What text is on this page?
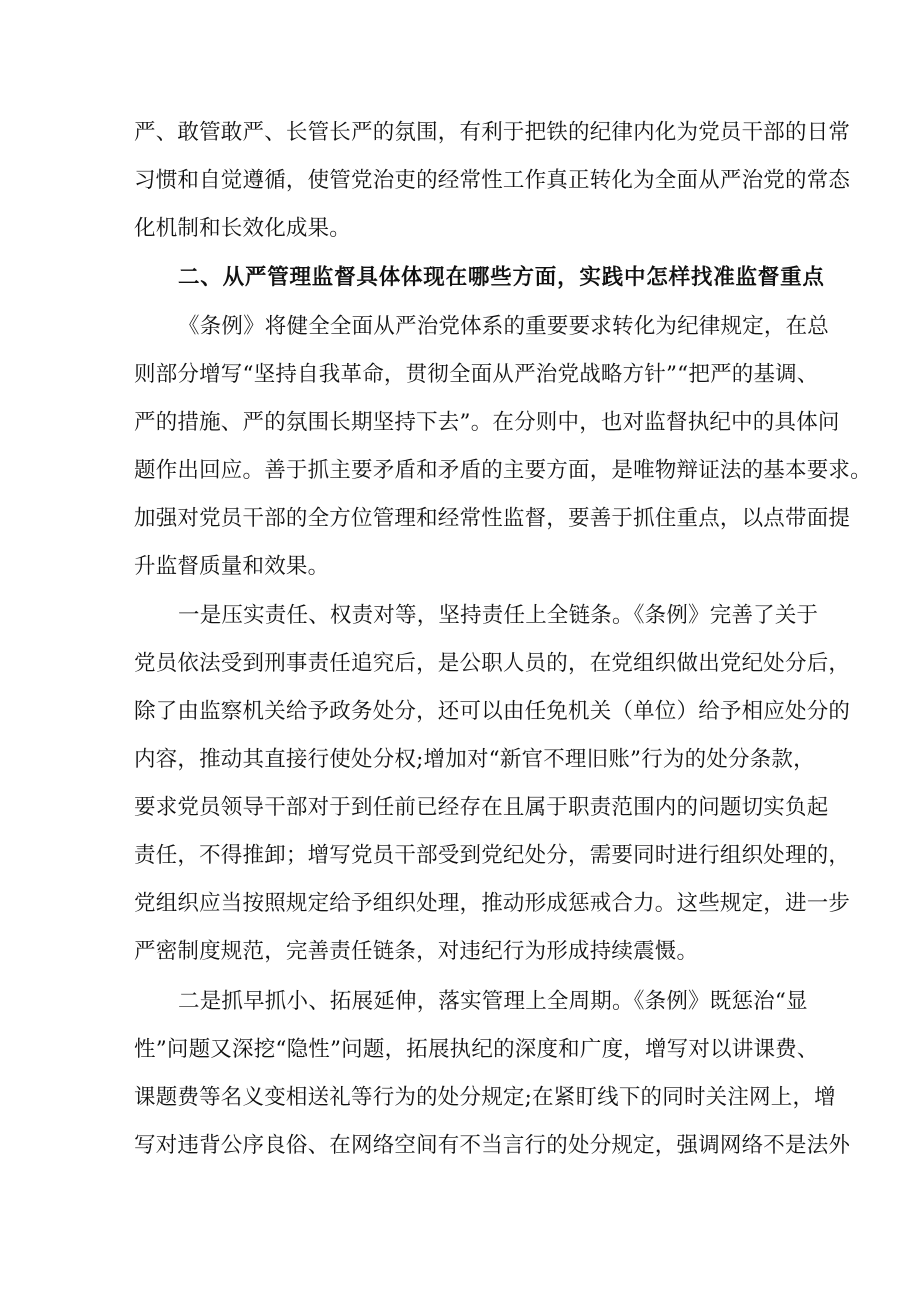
严、敢管敢严、长管长严的氛围，有利于把铁的纪律内化为党员干部的日常
习惯和自觉遵循，使管党治吏的经常性工作真正转化为全面从严治党的常态
化机制和长效化成果。
二、从严管理监督具体体现在哪些方面，实践中怎样找准监督重点
《条例》将健全全面从严治党体系的重要要求转化为纪律规定，在总
则部分增写“坚持自我革命，贯彻全面从严治党战略方针”“把严的基调、
严的措施、严的氛围长期坚持下去”。在分则中，也对监督执纪中的具体问
题作出回应。善于抓主要矛盾和矛盾的主要方面，是唯物辩证法的基本要求。
加强对党员干部的全方位管理和经常性监督，要善于抓住重点，以点带面提
升监督质量和效果。
一是压实责任、权责对等，坚持责任上全链条。《条例》完善了关于
党员依法受到刑事责任追究后，是公职人员的，在党组织做出党纪处分后，
除了由监察机关给予政务处分，还可以由任免机关（单位）给予相应处分的
内容，推动其直接行使处分权;增加对“新官不理旧账”行为的处分条款，
要求党员领导干部对于到任前已经存在且属于职责范围内的问题切实负起
责任，不得推卸；增写党员干部受到党纪处分，需要同时进行组织处理的，
党组织应当按照规定给予组织处理，推动形成惩戒合力。这些规定，进一步
严密制度规范，完善责任链条，对违纪行为形成持续震慑。
二是抓早抓小、拓展延伸，落实管理上全周期。《条例》既惩治“显
性”问题又深挖“隐性”问题，拓展执纪的深度和广度，增写对以讲课费、
课题费等名义变相送礼等行为的处分规定;在紧盯线下的同时关注网上，增
写对违背公序良俗、在网络空间有不当言行的处分规定，强调网络不是法外
